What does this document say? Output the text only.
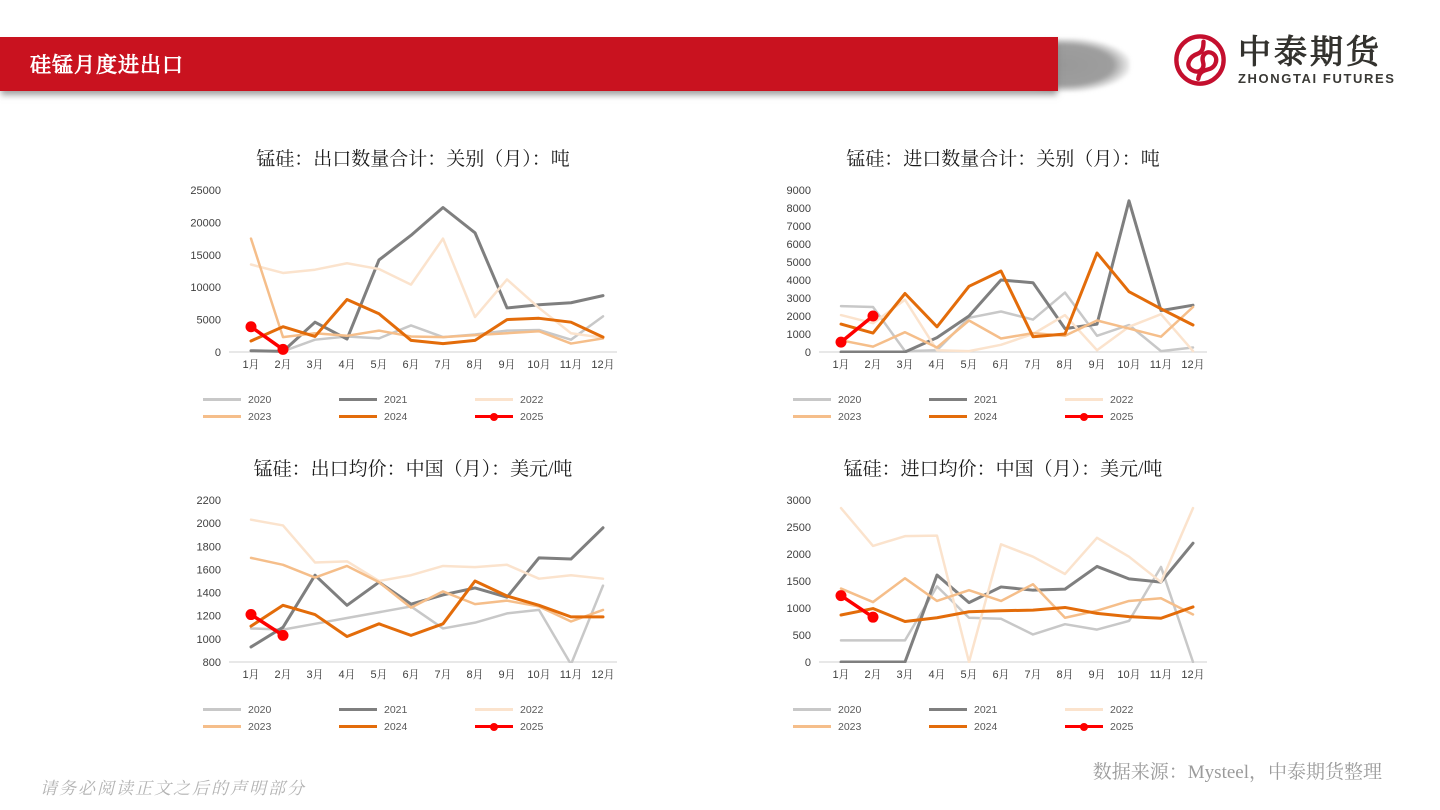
硅锰月度进出口	中泰期货
ZHONGTAI FUTURES
锰硅：出口数量合计：关别（月）：吨
0
5000
10000
15000
20000
25000
1月 2月 3月 4月 5月 6月 7月 8月 9月 10月 11月 12月
2020	2021	2022
2023	2024	2025
锰硅：进口数量合计：关别（月）：吨
0
1000
2000
3000
4000
5000
6000
7000
8000
9000
1月 2月 3月 4月 5月 6月 7月 8月 9月 10月 11月 12月
2020	2021	2022
2023	2024	2025
锰硅：出口均价：中国（月）：美元/吨
800
1000
1200
1400
1600
1800
2000
2200
1月 2月 3月 4月 5月 6月 7月 8月 9月 10月 11月 12月
2020	2021	2022
2023	2024	2025
锰硅：进口均价：中国（月）：美元/吨
0
500
1000
1500
2000
2500
3000
1月 2月 3月 4月 5月 6月 7月 8月 9月 10月 11月 12月
2020	2021	2022
2023	2024	2025
请务必阅读正文之后的声明部分
数据来源：Mysteel，中泰期货整理
